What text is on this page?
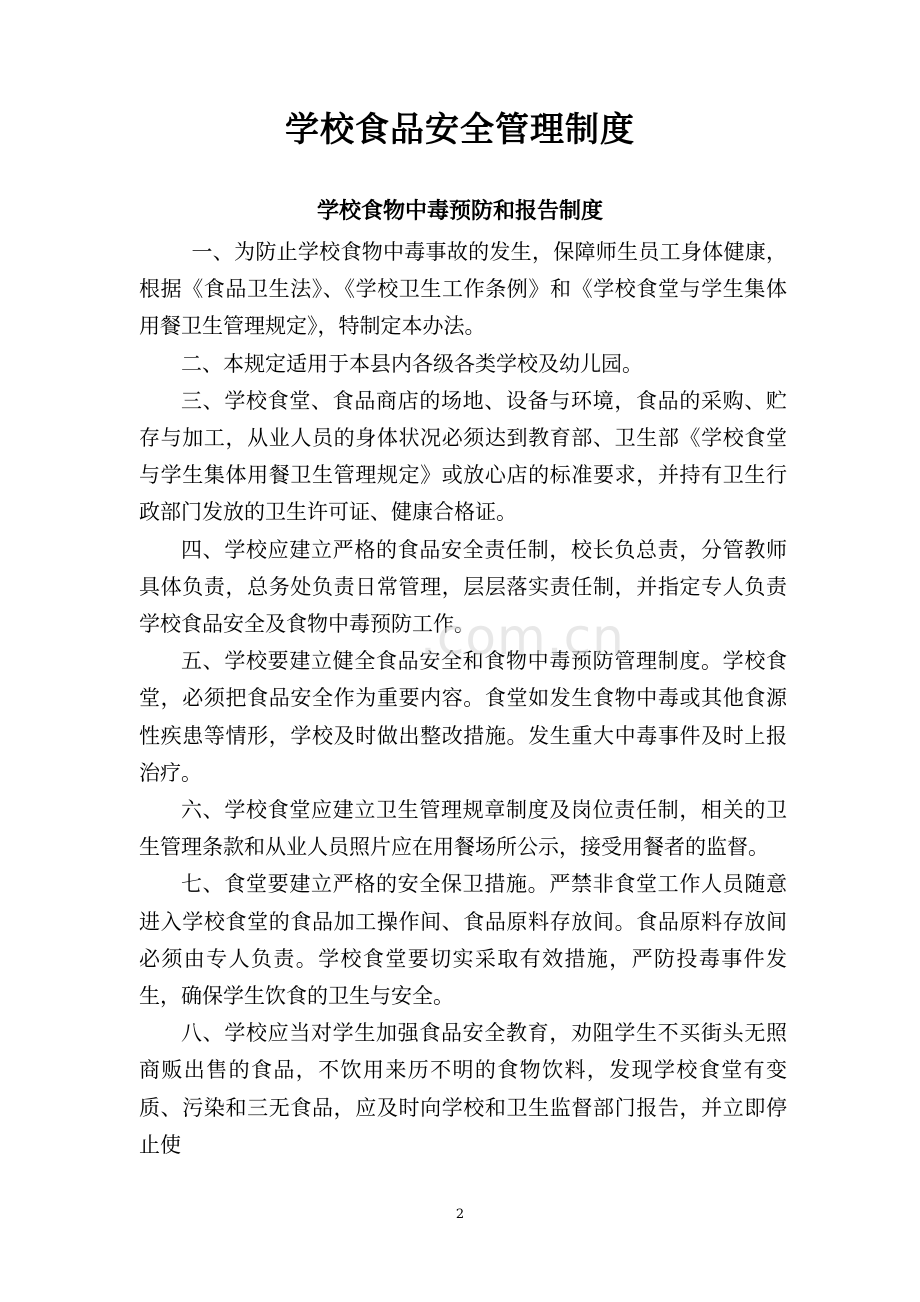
学校食品安全管理制度
学校食物中毒预防和报告制度

一、为防止学校食物中毒事故的发生，保障师生员工身体健康，根据《食品卫生法》、《学校卫生工作条例》和《学校食堂与学生集体用餐卫生管理规定》，特制定本办法。

二、本规定适用于本县内各级各类学校及幼儿园。

三、学校食堂、食品商店的场地、设备与环境，食品的采购、贮存与加工，从业人员的身体状况必须达到教育部、卫生部《学校食堂与学生集体用餐卫生管理规定》或放心店的标准要求，并持有卫生行政部门发放的卫生许可证、健康合格证。

四、学校应建立严格的食品安全责任制，校长负总责，分管教师具体负责，总务处负责日常管理，层层落实责任制，并指定专人负责学校食品安全及食物中毒预防工作。

五、学校要建立健全食品安全和食物中毒预防管理制度。学校食堂，必须把食品安全作为重要内容。食堂如发生食物中毒或其他食源性疾患等情形，学校及时做出整改措施。发生重大中毒事件及时上报治疗。

六、学校食堂应建立卫生管理规章制度及岗位责任制，相关的卫生管理条款和从业人员照片应在用餐场所公示，接受用餐者的监督。

七、食堂要建立严格的安全保卫措施。严禁非食堂工作人员随意进入学校食堂的食品加工操作间、食品原料存放间。食品原料存放间必须由专人负责。学校食堂要切实采取有效措施，严防投毒事件发生，确保学生饮食的卫生与安全。

八、学校应当对学生加强食品安全教育，劝阻学生不买街头无照商贩出售的食品，不饮用来历不明的食物饮料，发现学校食堂有变质、污染和三无食品，应及时向学校和卫生监督部门报告，并立即停止使

.com.cn
2
